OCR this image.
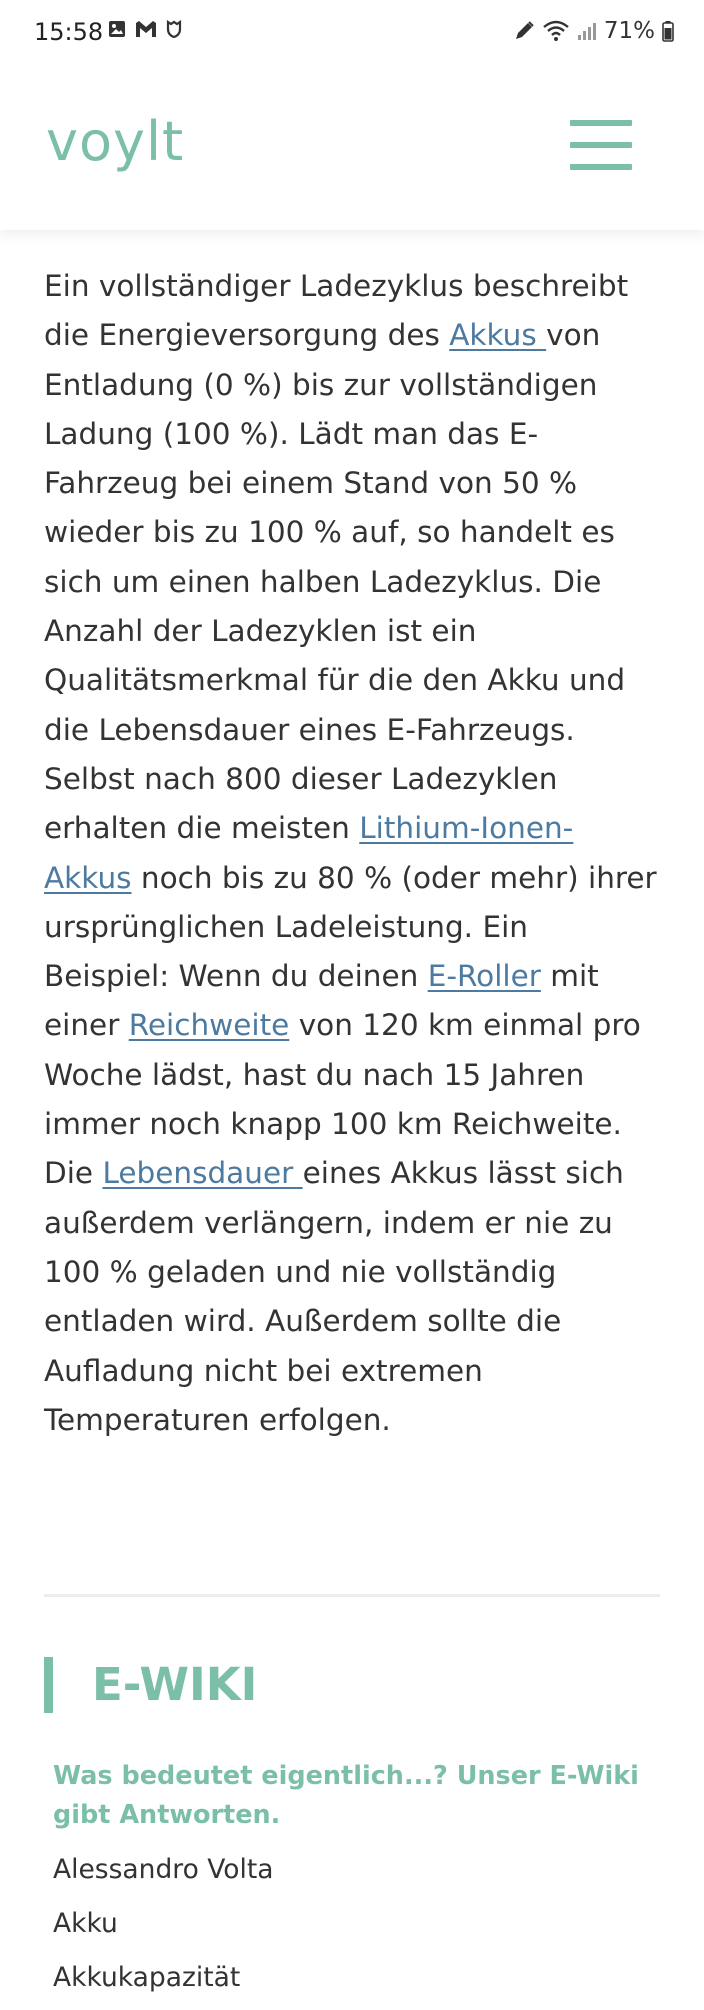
15:58	71%
voylt
Ein vollständiger Ladezyklus beschreibt die Energieversorgung des Akkus von Entladung (0 %) bis zur vollständigen Ladung (100 %). Lädt man das E-Fahrzeug bei einem Stand von 50 % wieder bis zu 100 % auf, so handelt es sich um einen halben Ladezyklus. Die Anzahl der Ladezyklen ist ein Qualitätsmerkmal für die den Akku und die Lebensdauer eines E-Fahrzeugs. Selbst nach 800 dieser Ladezyklen erhalten die meisten Lithium-Ionen-Akkus noch bis zu 80 % (oder mehr) ihrer ursprünglichen Ladeleistung. Ein Beispiel: Wenn du deinen E-Roller mit einer Reichweite von 120 km einmal pro Woche lädst, hast du nach 15 Jahren immer noch knapp 100 km Reichweite. Die Lebensdauer eines Akkus lässt sich außerdem verlängern, indem er nie zu 100 % geladen und nie vollständig entladen wird. Außerdem sollte die Aufladung nicht bei extremen Temperaturen erfolgen.
E-WIKI
Was bedeutet eigentlich...? Unser E-Wiki gibt Antworten.
Alessandro Volta
Akku
Akkukapazität
